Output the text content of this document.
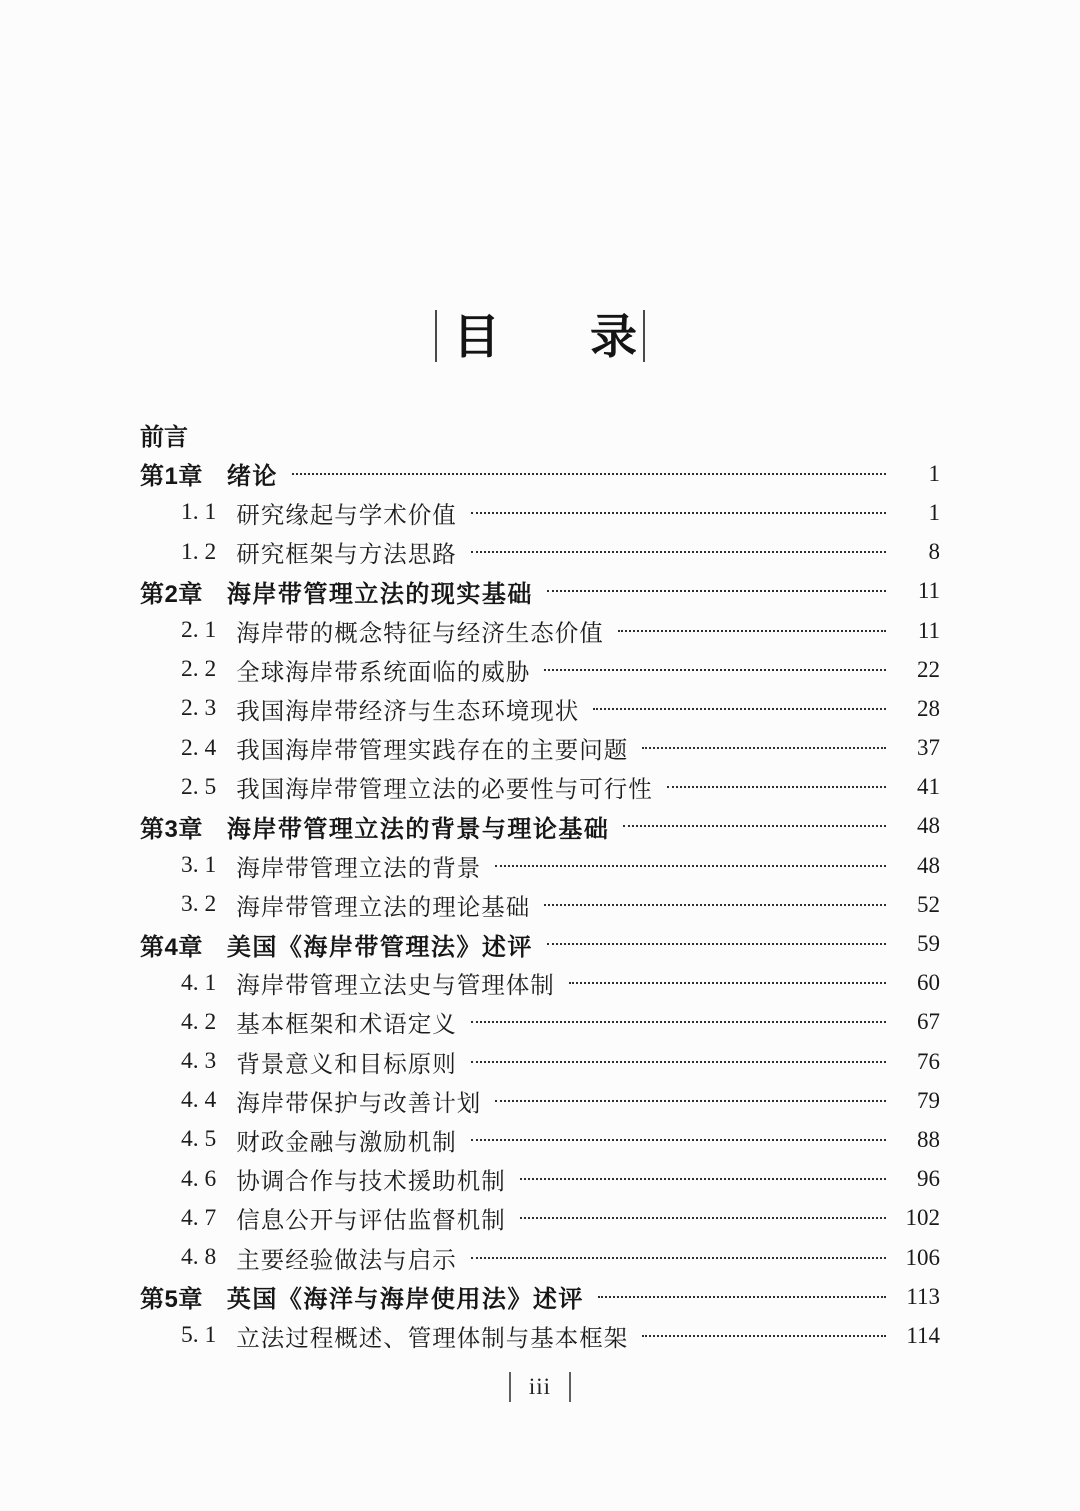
目 录
前言
第1章 绪论	1
1. 1 研究缘起与学术价值	1
1. 2 研究框架与方法思路	8
第2章 海岸带管理立法的现实基础	11
2. 1 海岸带的概念特征与经济生态价值	11
2. 2 全球海岸带系统面临的威胁	22
2. 3 我国海岸带经济与生态环境现状	28
2. 4 我国海岸带管理实践存在的主要问题	37
2. 5 我国海岸带管理立法的必要性与可行性	41
第3章 海岸带管理立法的背景与理论基础	48
3. 1 海岸带管理立法的背景	48
3. 2 海岸带管理立法的理论基础	52
第4章 美国《海岸带管理法》述评	59
4. 1 海岸带管理立法史与管理体制	60
4. 2 基本框架和术语定义	67
4. 3 背景意义和目标原则	76
4. 4 海岸带保护与改善计划	79
4. 5 财政金融与激励机制	88
4. 6 协调合作与技术援助机制	96
4. 7 信息公开与评估监督机制	102
4. 8 主要经验做法与启示	106
第5章 英国《海洋与海岸使用法》述评	113
5. 1 立法过程概述、管理体制与基本框架	114
iii
